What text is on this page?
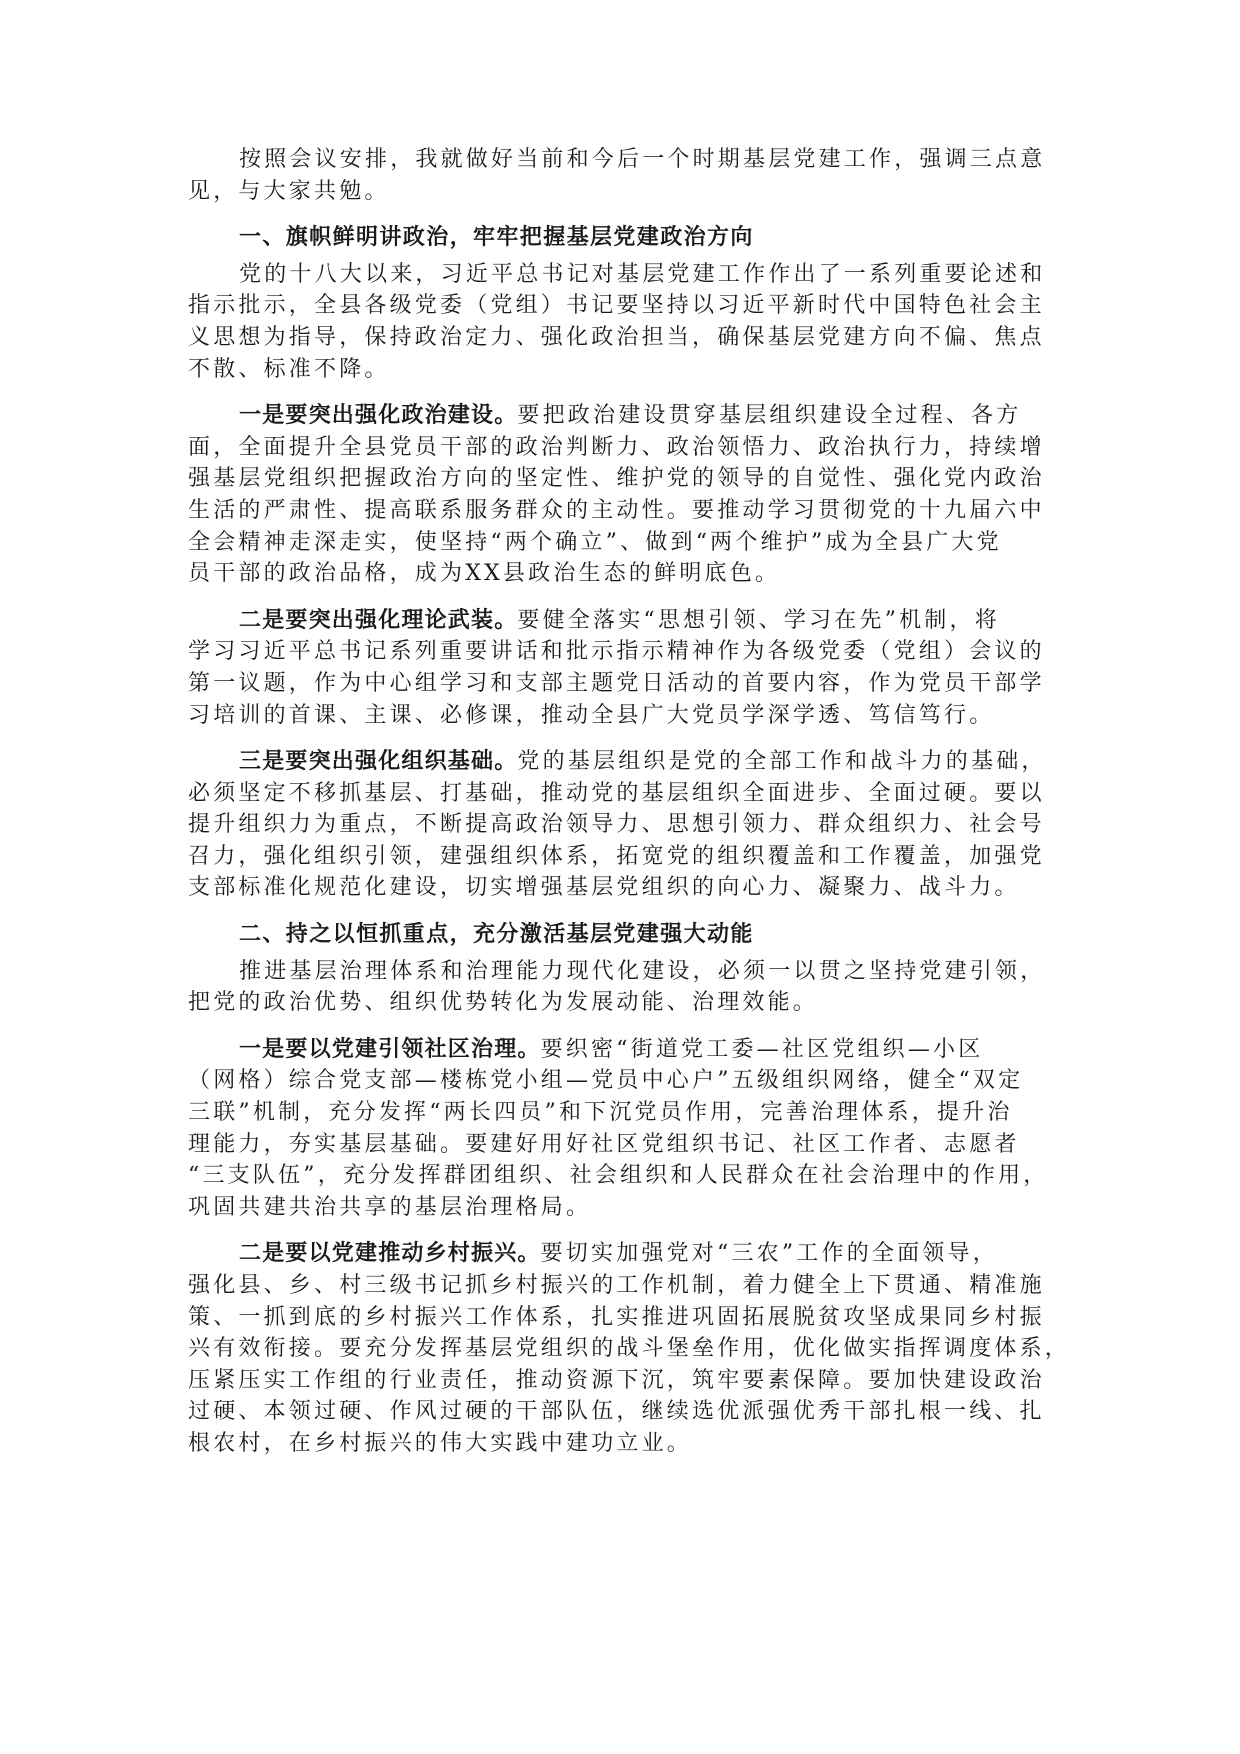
按照会议安排，我就做好当前和今后一个时期基层党建工作，强调三点意
见，与大家共勉。

一、旗帜鲜明讲政治，牢牢把握基层党建政治方向

党的十八大以来，习近平总书记对基层党建工作作出了一系列重要论述和
指示批示，全县各级党委（党组）书记要坚持以习近平新时代中国特色社会主
义思想为指导，保持政治定力、强化政治担当，确保基层党建方向不偏、焦点
不散、标准不降。

一是要突出强化政治建设。要把政治建设贯穿基层组织建设全过程、各方
面，全面提升全县党员干部的政治判断力、政治领悟力、政治执行力，持续增
强基层党组织把握政治方向的坚定性、维护党的领导的自觉性、强化党内政治
生活的严肃性、提高联系服务群众的主动性。要推动学习贯彻党的十九届六中
全会精神走深走实，使坚持“两个确立”、做到“两个维护”成为全县广大党
员干部的政治品格，成为XX县政治生态的鲜明底色。

二是要突出强化理论武装。要健全落实“思想引领、学习在先”机制，将
学习习近平总书记系列重要讲话和批示指示精神作为各级党委（党组）会议的
第一议题，作为中心组学习和支部主题党日活动的首要内容，作为党员干部学
习培训的首课、主课、必修课，推动全县广大党员学深学透、笃信笃行。

三是要突出强化组织基础。党的基层组织是党的全部工作和战斗力的基础，
必须坚定不移抓基层、打基础，推动党的基层组织全面进步、全面过硬。要以
提升组织力为重点，不断提高政治领导力、思想引领力、群众组织力、社会号
召力，强化组织引领，建强组织体系，拓宽党的组织覆盖和工作覆盖，加强党
支部标准化规范化建设，切实增强基层党组织的向心力、凝聚力、战斗力。

二、持之以恒抓重点，充分激活基层党建强大动能

推进基层治理体系和治理能力现代化建设，必须一以贯之坚持党建引领，
把党的政治优势、组织优势转化为发展动能、治理效能。

一是要以党建引领社区治理。要织密“街道党工委—社区党组织—小区
（网格）综合党支部—楼栋党小组—党员中心户”五级组织网络，健全“双定
三联”机制，充分发挥“两长四员”和下沉党员作用，完善治理体系，提升治
理能力，夯实基层基础。要建好用好社区党组织书记、社区工作者、志愿者
“三支队伍”，充分发挥群团组织、社会组织和人民群众在社会治理中的作用，
巩固共建共治共享的基层治理格局。

二是要以党建推动乡村振兴。要切实加强党对“三农”工作的全面领导，
强化县、乡、村三级书记抓乡村振兴的工作机制，着力健全上下贯通、精准施
策、一抓到底的乡村振兴工作体系，扎实推进巩固拓展脱贫攻坚成果同乡村振
兴有效衔接。要充分发挥基层党组织的战斗堡垒作用，优化做实指挥调度体系，
压紧压实工作组的行业责任，推动资源下沉，筑牢要素保障。要加快建设政治
过硬、本领过硬、作风过硬的干部队伍，继续选优派强优秀干部扎根一线、扎
根农村，在乡村振兴的伟大实践中建功立业。
